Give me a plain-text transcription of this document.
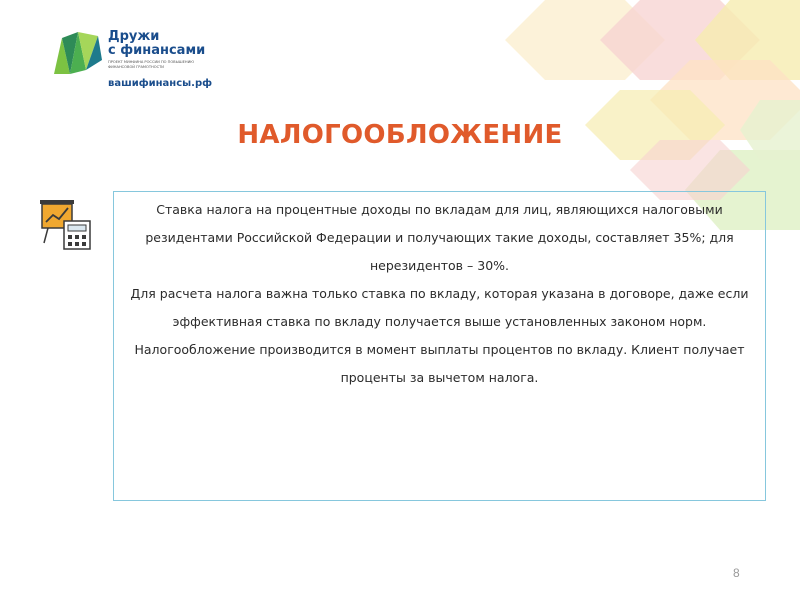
Дружи
с финансами
ПРОЕКТ МИНФИНА РОССИИ ПО ПОВЫШЕНИЮ ФИНАНСОВОЙ ГРАМОТНОСТИ
вашифинансы.рф
НАЛОГООБЛОЖЕНИЕ

Ставка налога на процентные доходы по вкладам для лиц, являющихся налоговыми резидентами Российской Федерации и получающих такие доходы, составляет 35%; для нерезидентов – 30%.

Для расчета налога важна только ставка по вкладу, которая указана в договоре, даже если эффективная ставка по вкладу получается выше установленных законом норм.

Налогообложение производится в момент выплаты процентов по вкладу. Клиент получает проценты за вычетом налога.

8
